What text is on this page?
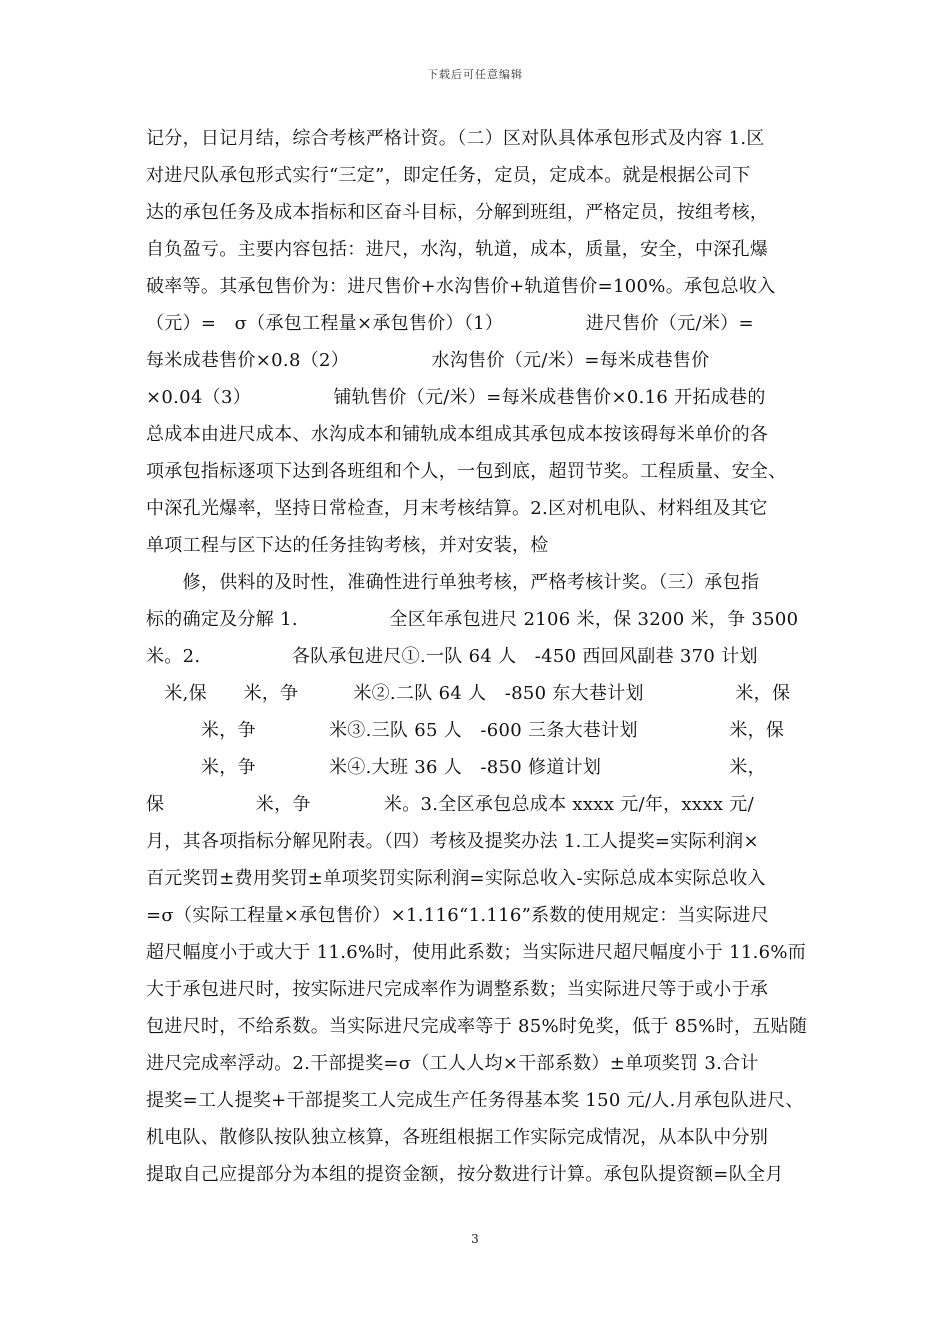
下载后可任意编辑
记分，日记月结，综合考核严格计资。（二）区对队具体承包形式及内容 1.区
对进尺队承包形式实行“三定”，即定任务，定员，定成本。就是根据公司下
达的承包任务及成本指标和区奋斗目标，分解到班组，严格定员，按组考核，
自负盈亏。主要内容包括：进尺，水沟，轨道，成本，质量，安全，中深孔爆
破率等。其承包售价为：进尺售价+水沟售价+轨道售价=100%。承包总收入
（元）=　σ（承包工程量×承包售价）（1）　　　　　进尺售价（元/米）=
每米成巷售价×0.8（2）　　　　　水沟售价（元/米）=每米成巷售价
×0.04（3）　　　　　铺轨售价（元/米）=每米成巷售价×0.16 开拓成巷的
总成本由进尺成本、水沟成本和铺轨成本组成其承包成本按该碍每米单价的各
项承包指标逐项下达到各班组和个人，一包到底，超罚节奖。工程质量、安全、
中深孔光爆率，坚持日常检查，月末考核结算。2.区对机电队、材料组及其它
单项工程与区下达的任务挂钩考核，并对安装，检
　　修，供料的及时性，准确性进行单独考核，严格考核计奖。（三）承包指
标的确定及分解 1.　　　　　全区年承包进尺 2106 米，保 3200 米，争 3500
米。2.　　　　　各队承包进尺①.一队 64 人　-450 西回风副巷 370 计划
　米,保　　米，争　　　米②.二队 64 人　-850 东大巷计划　　　　　米，保
　　　米，争　　　　米③.三队 65 人　-600 三条大巷计划　　　　　米，保
　　　米，争　　　　米④.大班 36 人　-850 修道计划　　　　　　　米，
保　　　　　米，争　　　　米。3.全区承包总成本 xxxx 元/年，xxxx 元/
月，其各项指标分解见附表。（四）考核及提奖办法 1.工人提奖=实际利润×
百元奖罚±费用奖罚±单项奖罚实际利润=实际总收入-实际总成本实际总收入
=σ（实际工程量×承包售价）×1.116“1.116”系数的使用规定：当实际进尺
超尺幅度小于或大于 11.6%时，使用此系数；当实际进尺超尺幅度小于 11.6%而
大于承包进尺时，按实际进尺完成率作为调整系数；当实际进尺等于或小于承
包进尺时，不给系数。当实际进尺完成率等于 85%时免奖，低于 85%时，五贴随
进尺完成率浮动。2.干部提奖=σ（工人人均×干部系数）±单项奖罚 3.合计
提奖=工人提奖+干部提奖工人完成生产任务得基本奖 150 元/人.月承包队进尺、
机电队、散修队按队独立核算，各班组根据工作实际完成情况，从本队中分别
提取自己应提部分为本组的提资金额，按分数进行计算。承包队提资额=队全月
3
